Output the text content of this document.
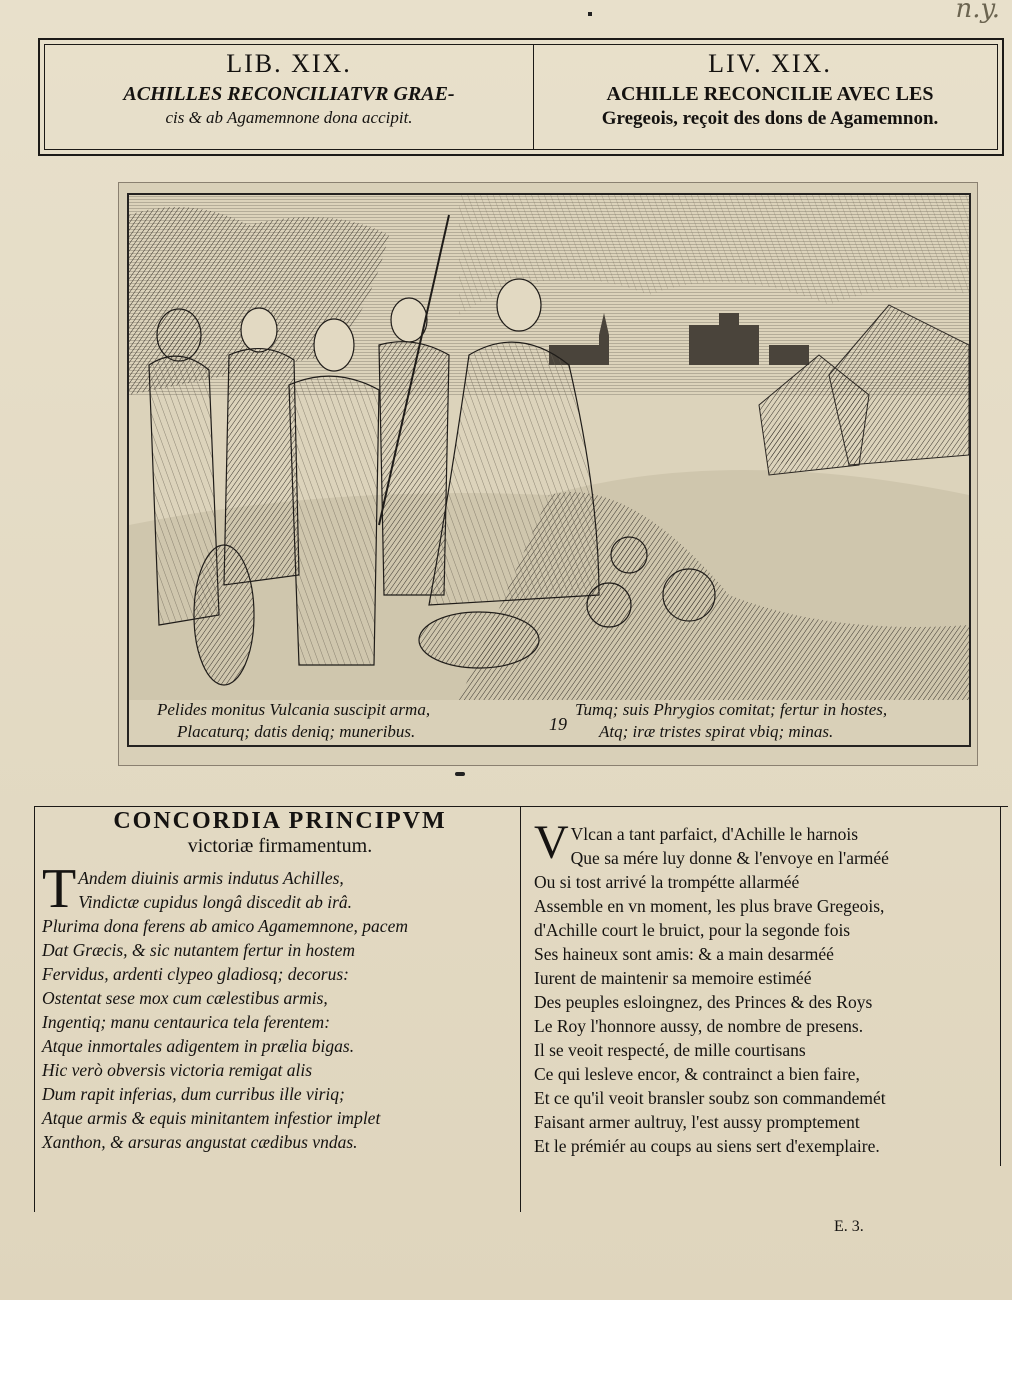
n.y.
LIB. XIX.
ACHILLES RECONCILIATVR GRAE-
cis & ab Agamemnone dona accipit.
LIV. XIX.
ACHILLE RECONCILIE AVEC LES
Gregeois, reçoit des dons de Agamemnon.
Pelides monitus Vulcania suscipit arma,
Placaturq; datis deniq; muneribus.	19
Tumq; suis Phrygios comitat; fertur in hostes,
Atq; iræ tristes spirat vbiq; minas.
CONCORDIA PRINCIPVM
victoriæ firmamentum.
T Andem diuinis armis indutus Achilles,
Vindictæ cupidus longâ discedit ab irâ.
Plurima dona ferens ab amico Agamemnone, pacem
Dat Græcis, & sic nutantem fertur in hostem
Fervidus, ardenti clypeo gladiosq; decorus:
Ostentat sese mox cum cælestibus armis,
Ingentiq; manu centaurica tela ferentem:
Atque inmortales adigentem in prælia bigas.
Hic verò obversis victoria remigat alis
Dum rapit inferias, dum curribus ille viriq;
Atque armis & equis minitantem infestior implet
Xanthon, & arsuras angustat cædibus vndas.
V Vlcan a tant parfaict, d'Achille le harnois
Que sa mére luy donne & l'envoye en l'arméé
Ou si tost arrivé la trompétte allarméé
Assemble en vn moment, les plus brave Gregeois,
d'Achille court le bruict, pour la segonde fois
Ses haineux sont amis: & a main desarméé
Iurent de maintenir sa memoire estiméé
Des peuples esloingnez, des Princes & des Roys
Le Roy l'honnore aussy, de nombre de presens.
Il se veoit respecté, de mille courtisans
Ce qui lesleve encor, & contrainct a bien faire,
Et ce qu'il veoit bransler soubz son commandemét
Faisant armer aultruy, l'est aussy promptement
Et le prémiér au coups au siens sert d'exemplaire.
E. 3.
